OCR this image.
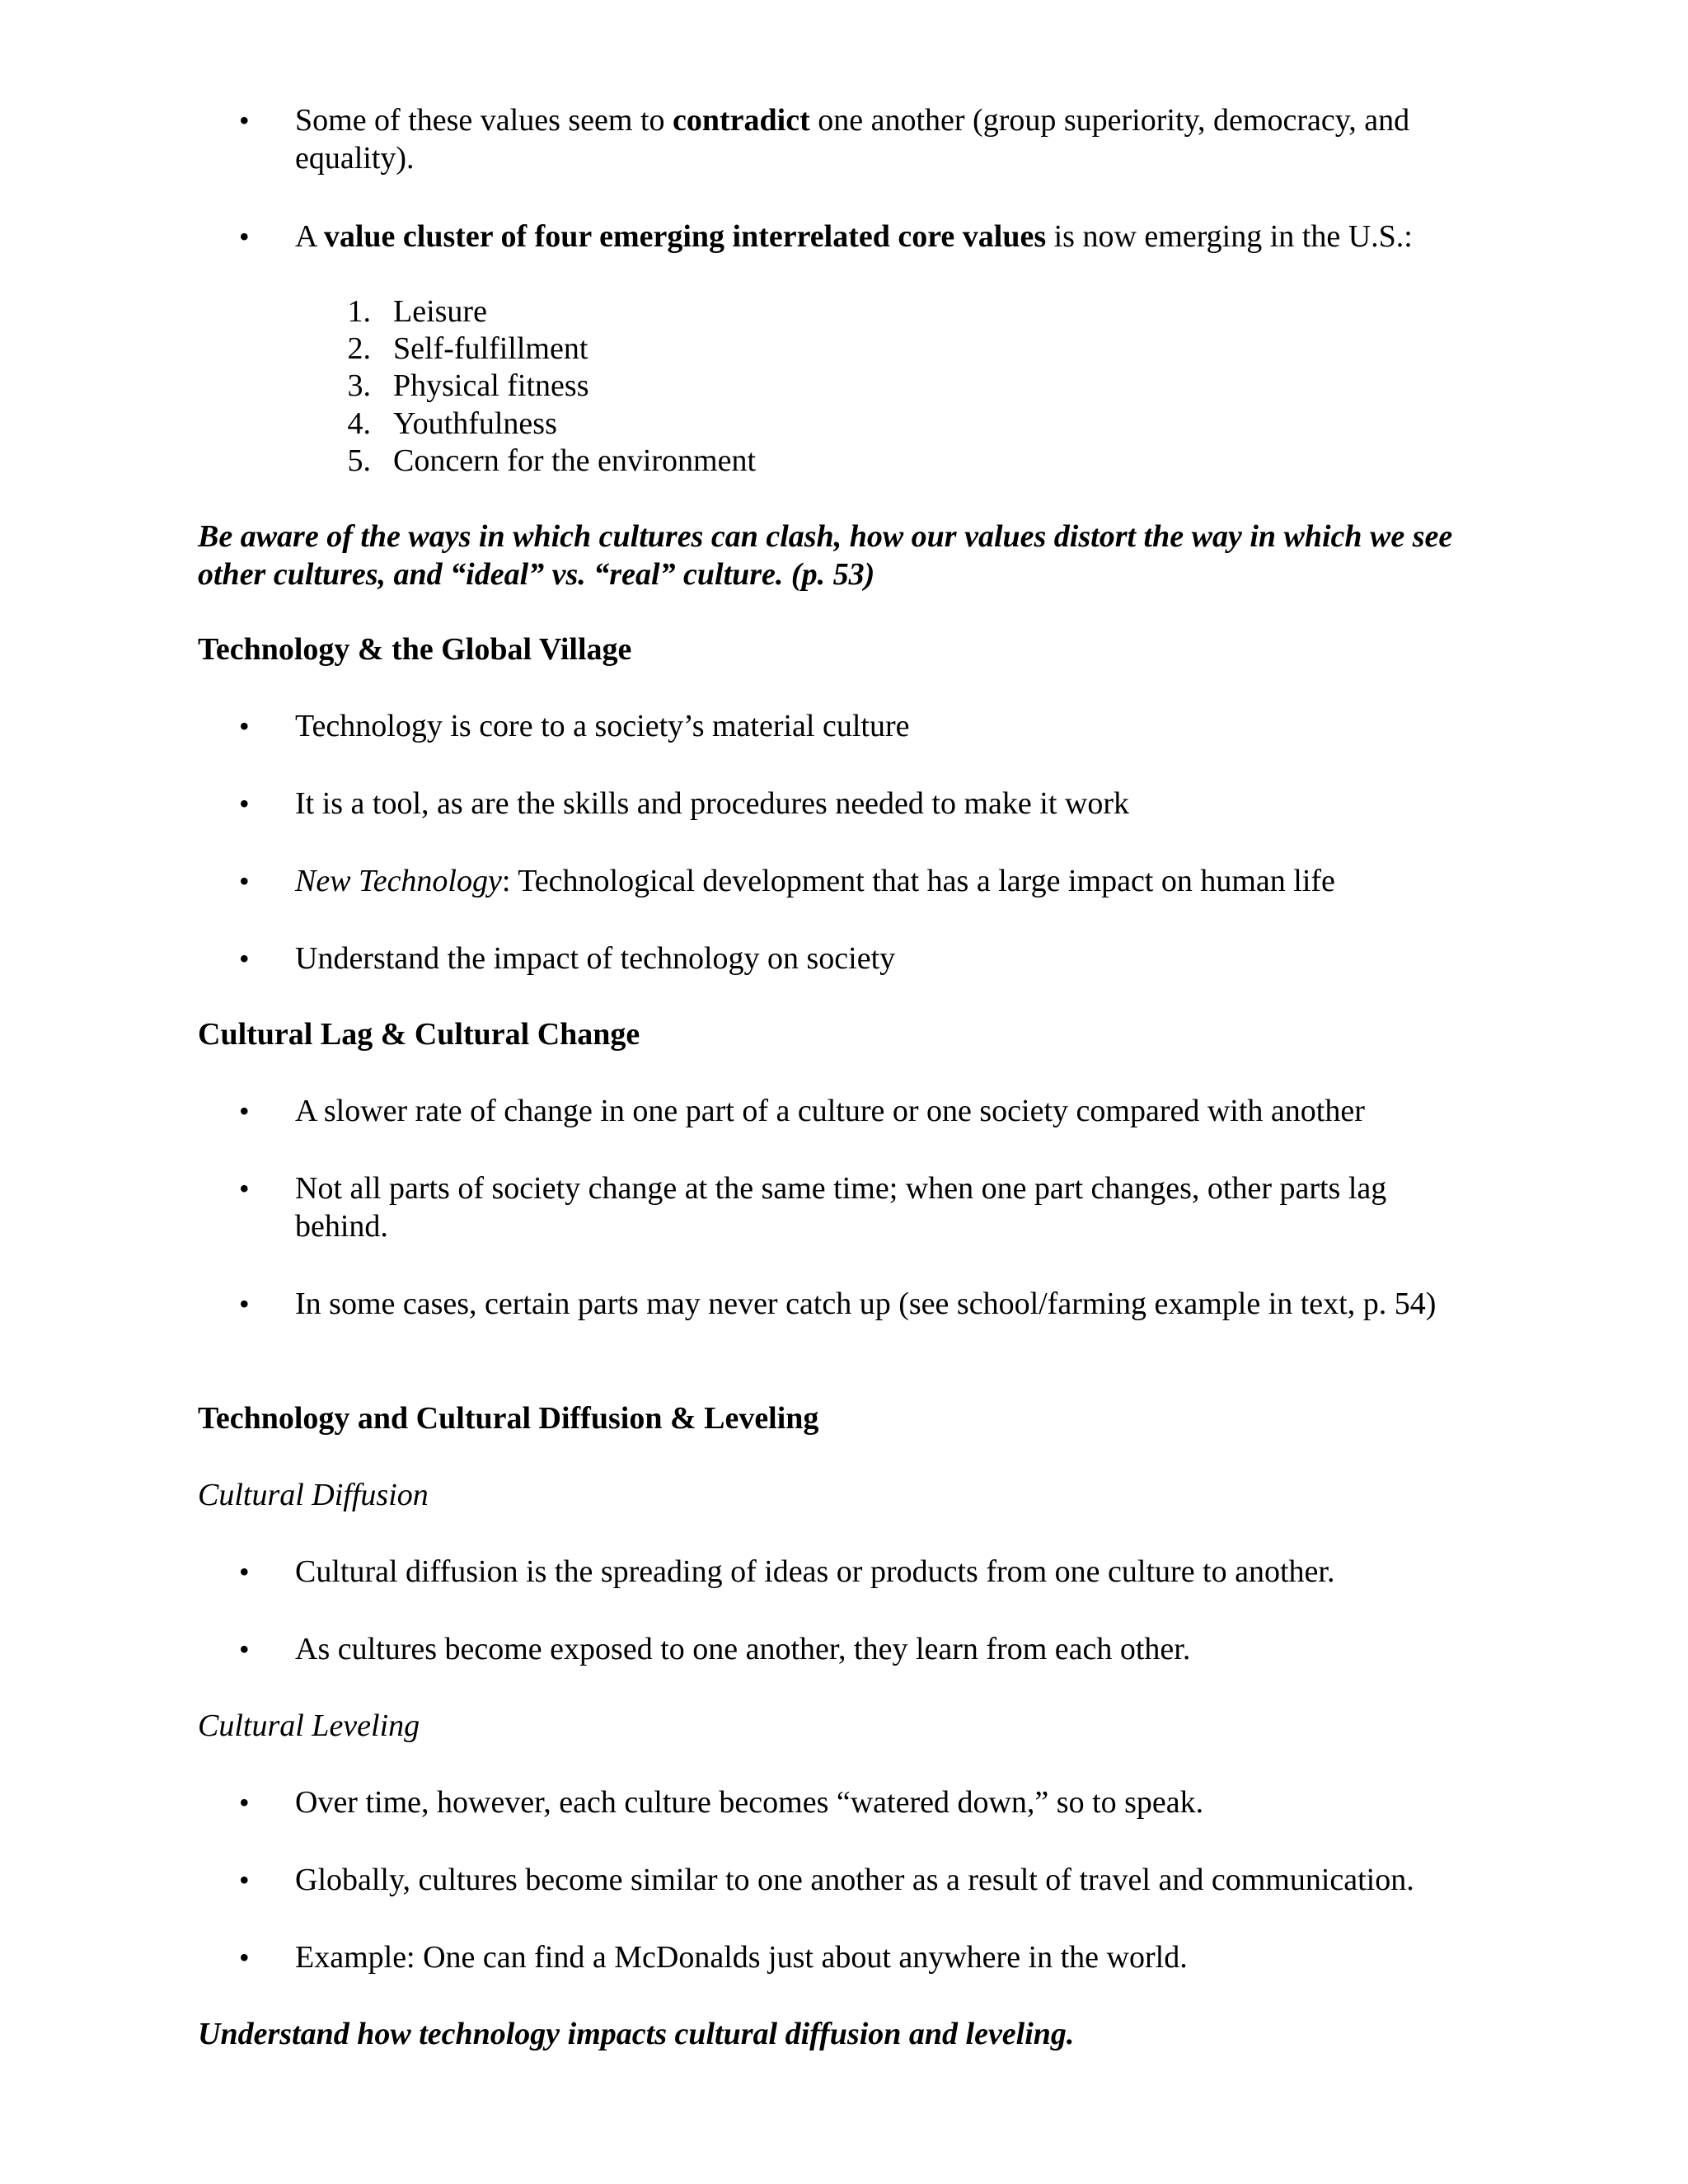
•	Some of these values seem to contradict one another (group superiority, democracy, and equality).
•	A value cluster of four emerging interrelated core values is now emerging in the U.S.:
1. Leisure
2. Self-fulfillment
3. Physical fitness
4. Youthfulness
5. Concern for the environment
Be aware of the ways in which cultures can clash, how our values distort the way in which we see other cultures, and “ideal” vs. “real” culture. (p. 53)
Technology & the Global Village
•	Technology is core to a society’s material culture
•	It is a tool, as are the skills and procedures needed to make it work
•	New Technology: Technological development that has a large impact on human life
•	Understand the impact of technology on society
Cultural Lag & Cultural Change
•	A slower rate of change in one part of a culture or one society compared with another
•	Not all parts of society change at the same time; when one part changes, other parts lag behind.
•	In some cases, certain parts may never catch up (see school/farming example in text, p. 54)
Technology and Cultural Diffusion & Leveling
Cultural Diffusion
•	Cultural diffusion is the spreading of ideas or products from one culture to another.
•	As cultures become exposed to one another, they learn from each other.
Cultural Leveling
•	Over time, however, each culture becomes “watered down,” so to speak.
•	Globally, cultures become similar to one another as a result of travel and communication.
•	Example: One can find a McDonalds just about anywhere in the world.
Understand how technology impacts cultural diffusion and leveling.
